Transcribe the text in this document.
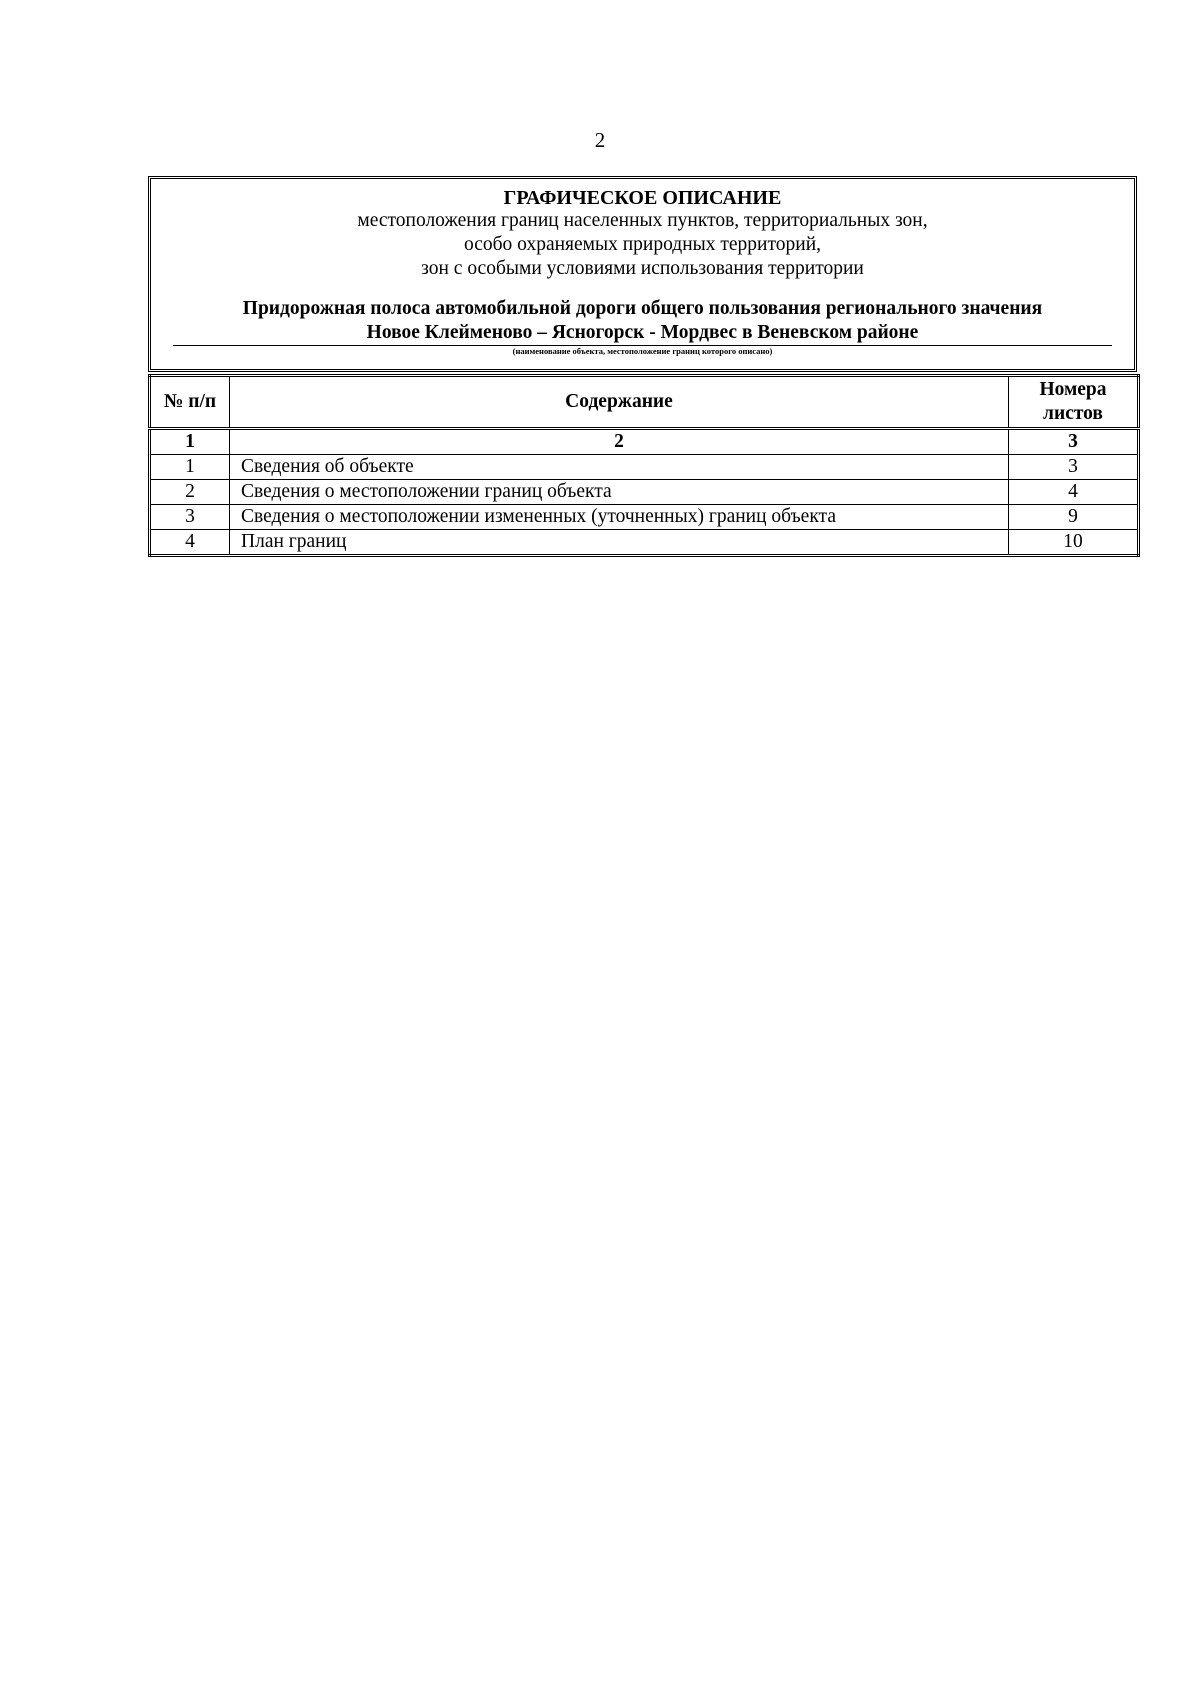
2
ГРАФИЧЕСКОЕ ОПИСАНИЕ
местоположения границ населенных пунктов, территориальных зон,
особо охраняемых природных территорий,
зон с особыми условиями использования территории
Придорожная полоса автомобильной дороги общего пользования регионального значения
Новое Клейменово – Ясногорск - Мордвес в Веневском районе
(наименование объекта, местоположение границ которого описано)
№ п/п	Содержание	Номера листов
1	2	3
1	Сведения об объекте	3
2	Сведения о местоположении границ объекта	4
3	Сведения о местоположении измененных (уточненных) границ объекта	9
4	План границ	10
